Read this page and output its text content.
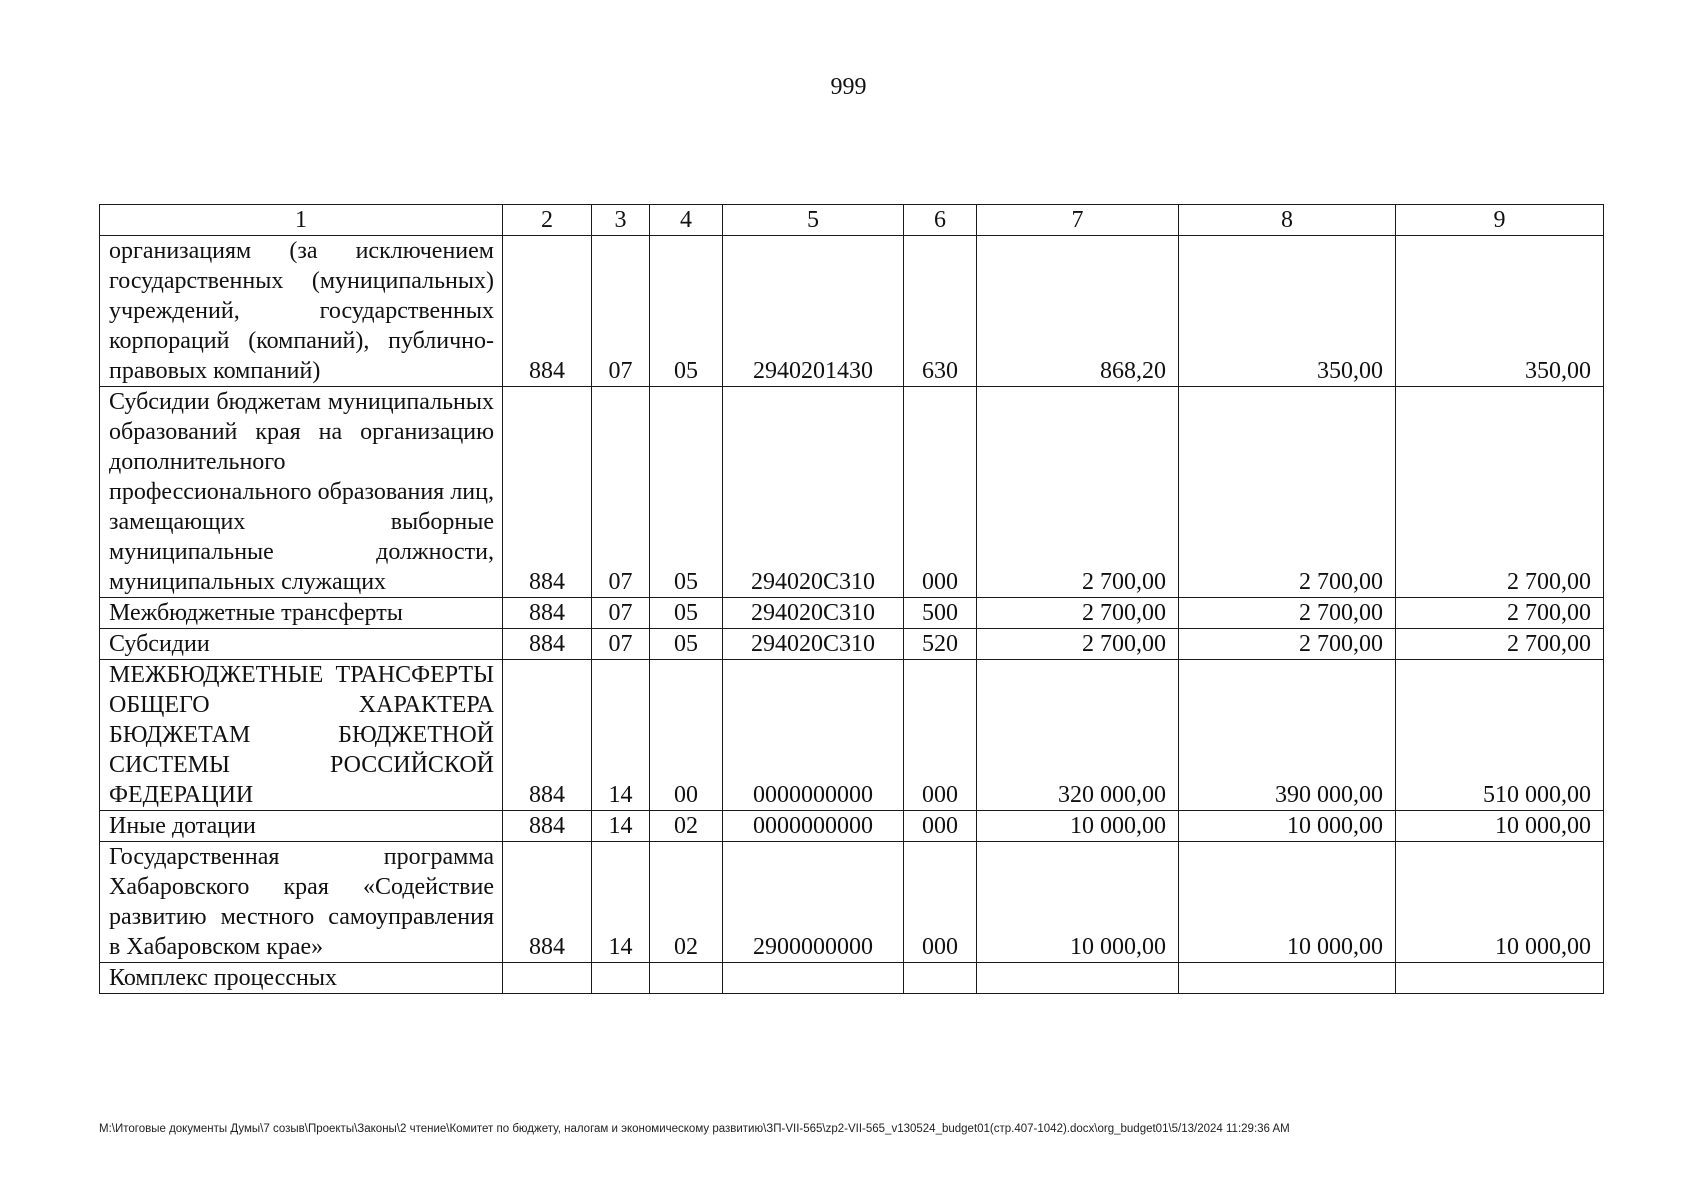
999
1	2	3	4	5	6	7	8	9
организациям (за исключением государственных (муниципальных) учреждений, государственных корпораций (компаний), публично-правовых компаний)	884	07	05	2940201430	630	868,20	350,00	350,00
Субсидии бюджетам муниципальных образований края на организацию дополнительного профессионального образования лиц, замещающих выборные муниципальные должности, муниципальных служащих	884	07	05	294020С310	000	2 700,00	2 700,00	2 700,00
Межбюджетные трансферты	884	07	05	294020С310	500	2 700,00	2 700,00	2 700,00
Субсидии	884	07	05	294020С310	520	2 700,00	2 700,00	2 700,00
МЕЖБЮДЖЕТНЫЕ ТРАНСФЕРТЫ ОБЩЕГО ХАРАКТЕРА БЮДЖЕТАМ БЮДЖЕТНОЙ СИСТЕМЫ РОССИЙСКОЙ ФЕДЕРАЦИИ	884	14	00	0000000000	000	320 000,00	390 000,00	510 000,00
Иные дотации	884	14	02	0000000000	000	10 000,00	10 000,00	10 000,00
Государственная программа Хабаровского края «Содействие развитию местного самоуправления в Хабаровском крае»	884	14	02	2900000000	000	10 000,00	10 000,00	10 000,00
Комплекс процессных								
M:\Итоговые документы Думы\7 созыв\Проекты\Законы\2 чтение\Комитет по бюджету, налогам и экономическому развитию\ЗП-VII-565\zp2-VII-565_v130524_budget01(стр.407-1042).docx\org_budget01\5/13/2024 11:29:36 AM
